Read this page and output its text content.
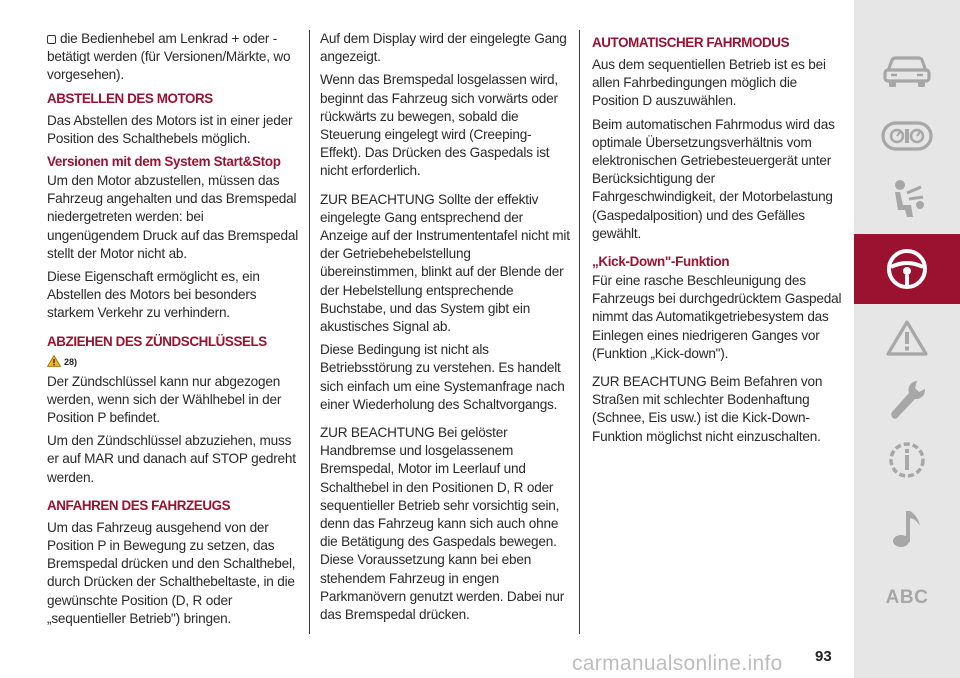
die Bedienhebel am Lenkrad + oder - betätigt werden (für Versionen/Märkte, wo vorgesehen).

ABSTELLEN DES MOTORS

Das Abstellen des Motors ist in einer jeder Position des Schalthebels möglich.

Versionen mit dem System Start&Stop

Um den Motor abzustellen, müssen das Fahrzeug angehalten und das Bremspedal niedergetreten werden: bei ungenügendem Druck auf das Bremspedal stellt der Motor nicht ab.

Diese Eigenschaft ermöglicht es, ein Abstellen des Motors bei besonders starkem Verkehr zu verhindern.

ABZIEHEN DES ZÜNDSCHLÜSSELS
28)

Der Zündschlüssel kann nur abgezogen werden, wenn sich der Wählhebel in der Position P befindet.

Um den Zündschlüssel abzuziehen, muss er auf MAR und danach auf STOP gedreht werden.

ANFAHREN DES FAHRZEUGS

Um das Fahrzeug ausgehend von der Position P in Bewegung zu setzen, das Bremspedal drücken und den Schalthebel, durch Drücken der Schalthebeltaste, in die gewünschte Position (D, R oder „sequentieller Betrieb") bringen.

Auf dem Display wird der eingelegte Gang angezeigt.

Wenn das Bremspedal losgelassen wird, beginnt das Fahrzeug sich vorwärts oder rückwärts zu bewegen, sobald die Steuerung eingelegt wird (Creeping-Effekt). Das Drücken des Gaspedals ist nicht erforderlich.

ZUR BEACHTUNG Sollte der effektiv eingelegte Gang entsprechend der Anzeige auf der Instrumententafel nicht mit der Getriebehebelstellung übereinstimmen, blinkt auf der Blende der der Hebelstellung entsprechende Buchstabe, und das System gibt ein akustisches Signal ab.

Diese Bedingung ist nicht als Betriebsstörung zu verstehen. Es handelt sich einfach um eine Systemanfrage nach einer Wiederholung des Schaltvorgangs.

ZUR BEACHTUNG Bei gelöster Handbremse und losgelassenem Bremspedal, Motor im Leerlauf und Schalthebel in den Positionen D, R oder sequentieller Betrieb sehr vorsichtig sein, denn das Fahrzeug kann sich auch ohne die Betätigung des Gaspedals bewegen. Diese Voraussetzung kann bei eben stehendem Fahrzeug in engen Parkmanövern genutzt werden. Dabei nur das Bremspedal drücken.

AUTOMATISCHER FAHRMODUS

Aus dem sequentiellen Betrieb ist es bei allen Fahrbedingungen möglich die Position D auszuwählen.

Beim automatischen Fahrmodus wird das optimale Übersetzungsverhältnis vom elektronischen Getriebesteuergerät unter Berücksichtigung der Fahrgeschwindigkeit, der Motorbelastung (Gaspedalposition) und des Gefälles gewählt.

„Kick-Down"-Funktion

Für eine rasche Beschleunigung des Fahrzeugs bei durchgedrücktem Gaspedal nimmt das Automatikgetriebesystem das Einlegen eines niedrigeren Ganges vor (Funktion „Kick-down").

ZUR BEACHTUNG Beim Befahren von Straßen mit schlechter Bodenhaftung (Schnee, Eis usw.) ist die Kick-Down-Funktion möglichst nicht einzuschalten.

ABC
carmanualsonline.info 93
